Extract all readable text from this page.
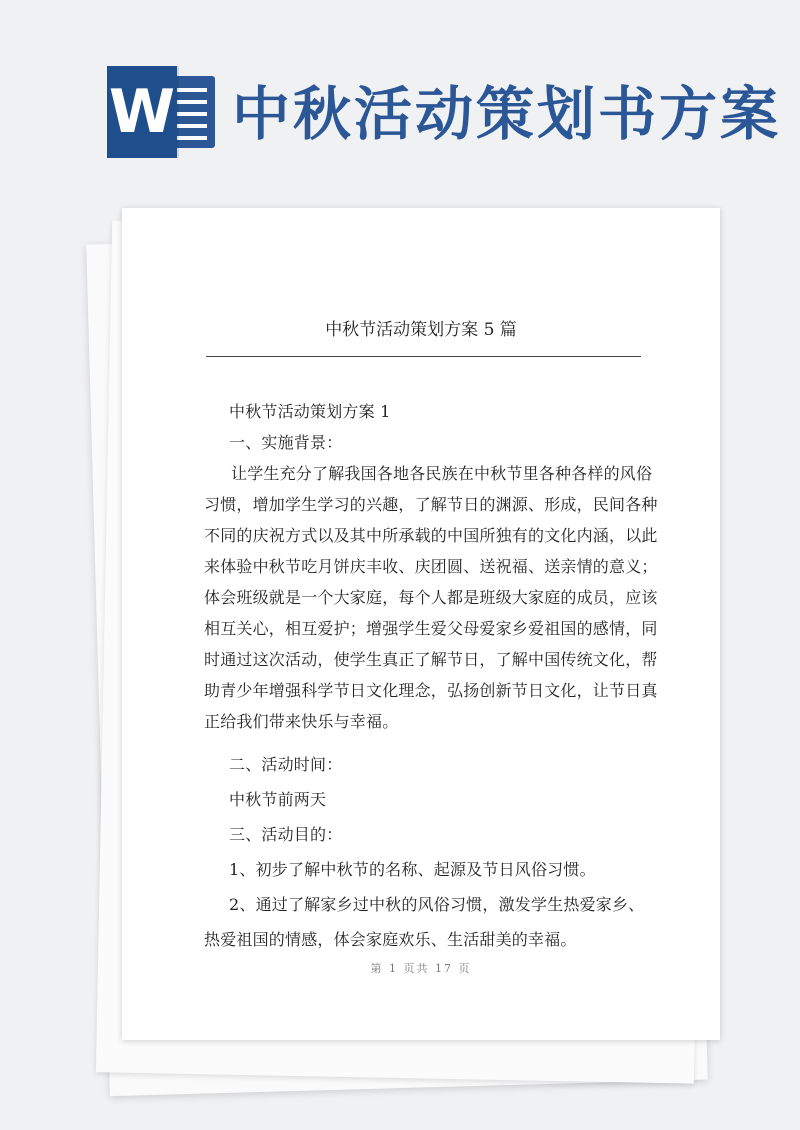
W 中秋活动策划书方案
中秋节活动策划方案 5 篇
中秋节活动策划方案 1
一、实施背景：
让学生充分了解我国各地各民族在中秋节里各种各样的风俗
习惯，增加学生学习的兴趣，了解节日的渊源、形成，民间各种
不同的庆祝方式以及其中所承载的中国所独有的文化内涵，以此
来体验中秋节吃月饼庆丰收、庆团圆、送祝福、送亲情的意义；
体会班级就是一个大家庭，每个人都是班级大家庭的成员，应该
相互关心，相互爱护；增强学生爱父母爱家乡爱祖国的感情，同
时通过这次活动，使学生真正了解节日，了解中国传统文化，帮
助青少年增强科学节日文化理念，弘扬创新节日文化，让节日真
正给我们带来快乐与幸福。
二、活动时间：
中秋节前两天
三、活动目的：
1、初步了解中秋节的名称、起源及节日风俗习惯。
2、通过了解家乡过中秋的风俗习惯，激发学生热爱家乡、
热爱祖国的情感，体会家庭欢乐、生活甜美的幸福。
第 1 页共 17 页
